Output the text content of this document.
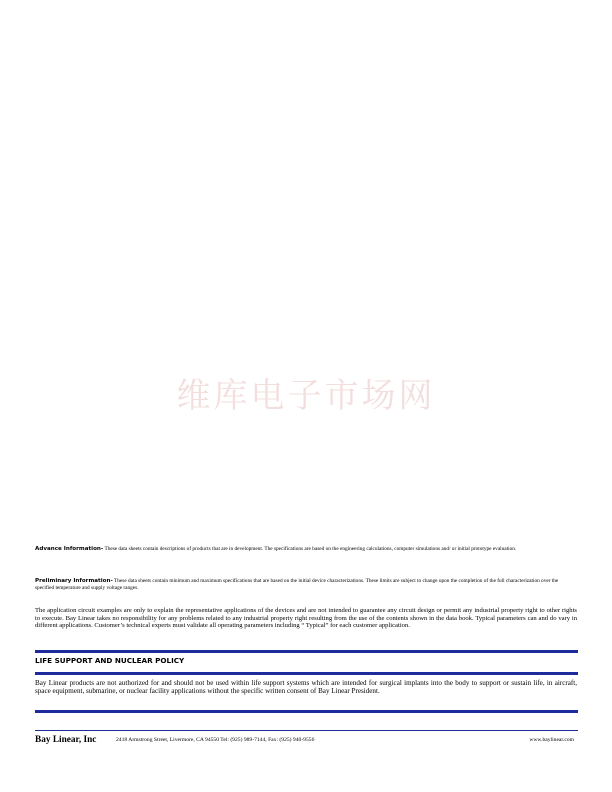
维库电子市场网
Advance Information- These data sheets contain descriptions of products that are in development. The specifications are based on the engineering calculations, computer simulations and/ or initial prototype evaluation.
Preliminary Information- These data sheets contain minimum and maximum specifications that are based on the initial device characterizations. These limits are subject to change upon the completion of the full characterization over the specified temperature and supply voltage ranges.
The application circuit examples are only to explain the representative applications of the devices and are not intended to guarantee any circuit design or permit any industrial property right to other rights to execute. Bay Linear takes no responsibility for any problems related to any industrial property right resulting from the use of the contents shown in the data book. Typical parameters can and do vary in different applications. Customer’s technical experts must validate all operating parameters including “ Typical” for each customer application.
LIFE SUPPORT AND NUCLEAR POLICY
Bay Linear products are not authorized for and should not be used within life support systems which are intended for surgical implants into the body to support or sustain life, in aircraft, space equipment, submarine, or nuclear facility applications without the specific written consent of Bay Linear President.
Bay Linear, Inc	2418 Armstrong Street, Livermore, CA 94550 Tel: (925) 989-7144, Fax: (925) 940-9556	www.baylinear.com
